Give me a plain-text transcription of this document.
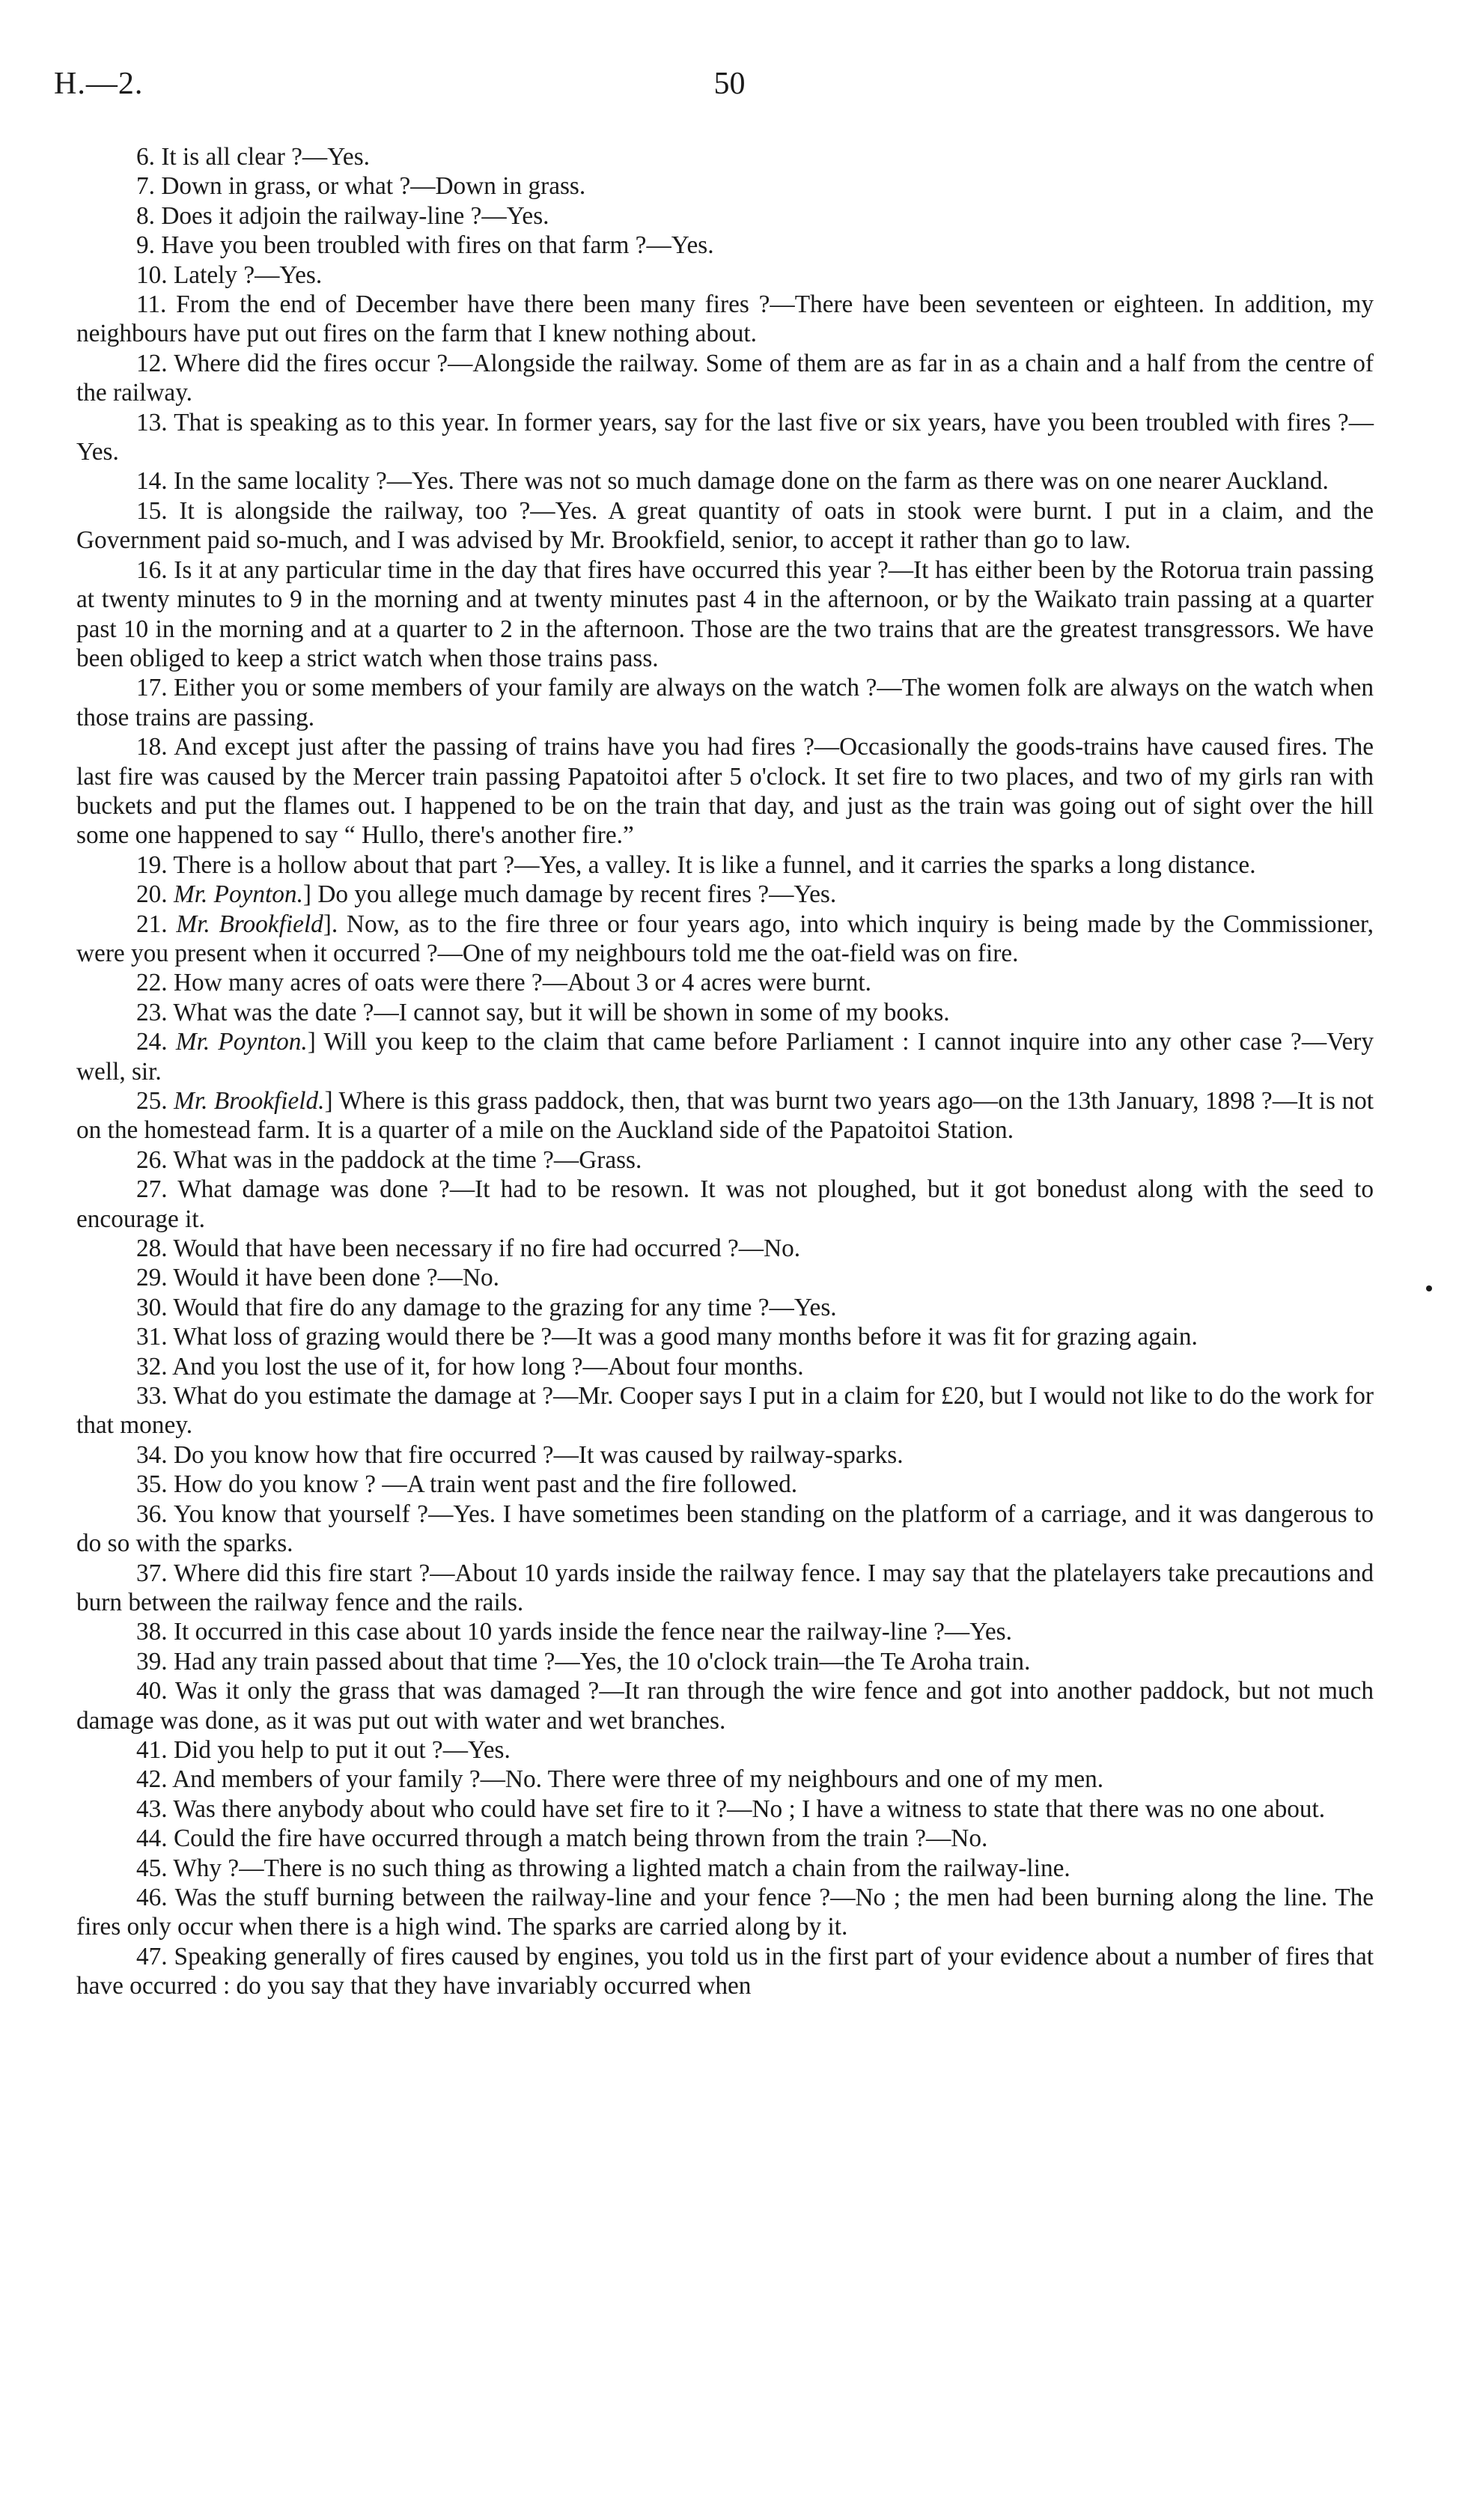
H.—2.	50

6. It is all clear ?—Yes.

7. Down in grass, or what ?—Down in grass.

8. Does it adjoin the railway-line ?—Yes.

9. Have you been troubled with fires on that farm ?—Yes.

10. Lately ?—Yes.

11. From the end of December have there been many fires ?—There have been seventeen or eighteen. In addition, my neighbours have put out fires on the farm that I knew nothing about.

12. Where did the fires occur ?—Alongside the railway. Some of them are as far in as a chain and a half from the centre of the railway.

13. That is speaking as to this year. In former years, say for the last five or six years, have you been troubled with fires ?— Yes.

14. In the same locality ?—Yes. There was not so much damage done on the farm as there was on one nearer Auckland.

15. It is alongside the railway, too ?—Yes. A great quantity of oats in stook were burnt. I put in a claim, and the Government paid so-much, and I was advised by Mr. Brookfield, senior, to accept it rather than go to law.

16. Is it at any particular time in the day that fires have occurred this year ?—It has either been by the Rotorua train passing at twenty minutes to 9 in the morning and at twenty minutes past 4 in the afternoon, or by the Waikato train passing at a quarter past 10 in the morning and at a quarter to 2 in the afternoon. Those are the two trains that are the greatest transgressors. We have been obliged to keep a strict watch when those trains pass.

17. Either you or some members of your family are always on the watch ?—The women folk are always on the watch when those trains are passing.

18. And except just after the passing of trains have you had fires ?—Occasionally the goods-trains have caused fires. The last fire was caused by the Mercer train passing Papatoitoi after 5 o'clock. It set fire to two places, and two of my girls ran with buckets and put the flames out. I happened to be on the train that day, and just as the train was going out of sight over the hill some one happened to say “ Hullo, there's another fire.”

19. There is a hollow about that part ?—Yes, a valley. It is like a funnel, and it carries the sparks a long distance.

20. Mr. Poynton.] Do you allege much damage by recent fires ?—Yes.

21. Mr. Brookfield]. Now, as to the fire three or four years ago, into which inquiry is being made by the Commissioner, were you present when it occurred ?—One of my neighbours told me the oat-field was on fire.

22. How many acres of oats were there ?—About 3 or 4 acres were burnt.

23. What was the date ?—I cannot say, but it will be shown in some of my books.

24. Mr. Poynton.] Will you keep to the claim that came before Parliament : I cannot inquire into any other case ?—Very well, sir.

25. Mr. Brookfield.] Where is this grass paddock, then, that was burnt two years ago—on the 13th January, 1898 ?—It is not on the homestead farm. It is a quarter of a mile on the Auckland side of the Papatoitoi Station.

26. What was in the paddock at the time ?—Grass.

27. What damage was done ?—It had to be resown. It was not ploughed, but it got bonedust along with the seed to encourage it.

28. Would that have been necessary if no fire had occurred ?—No.

29. Would it have been done ?—No.

30. Would that fire do any damage to the grazing for any time ?—Yes.

31. What loss of grazing would there be ?—It was a good many months before it was fit for grazing again.

32. And you lost the use of it, for how long ?—About four months.

33. What do you estimate the damage at ?—Mr. Cooper says I put in a claim for £20, but I would not like to do the work for that money.

34. Do you know how that fire occurred ?—It was caused by railway-sparks.

35. How do you know ? —A train went past and the fire followed.

36. You know that yourself ?—Yes. I have sometimes been standing on the platform of a carriage, and it was dangerous to do so with the sparks.

37. Where did this fire start ?—About 10 yards inside the railway fence. I may say that the platelayers take precautions and burn between the railway fence and the rails.

38. It occurred in this case about 10 yards inside the fence near the railway-line ?—Yes.

39. Had any train passed about that time ?—Yes, the 10 o'clock train—the Te Aroha train.

40. Was it only the grass that was damaged ?—It ran through the wire fence and got into another paddock, but not much damage was done, as it was put out with water and wet branches.

41. Did you help to put it out ?—Yes.

42. And members of your family ?—No. There were three of my neighbours and one of my men.

43. Was there anybody about who could have set fire to it ?—No ; I have a witness to state that there was no one about.

44. Could the fire have occurred through a match being thrown from the train ?—No.

45. Why ?—There is no such thing as throwing a lighted match a chain from the railway-line.

46. Was the stuff burning between the railway-line and your fence ?—No ; the men had been burning along the line. The fires only occur when there is a high wind. The sparks are carried along by it.

47. Speaking generally of fires caused by engines, you told us in the first part of your evidence about a number of fires that have occurred : do you say that they have invariably occurred when
